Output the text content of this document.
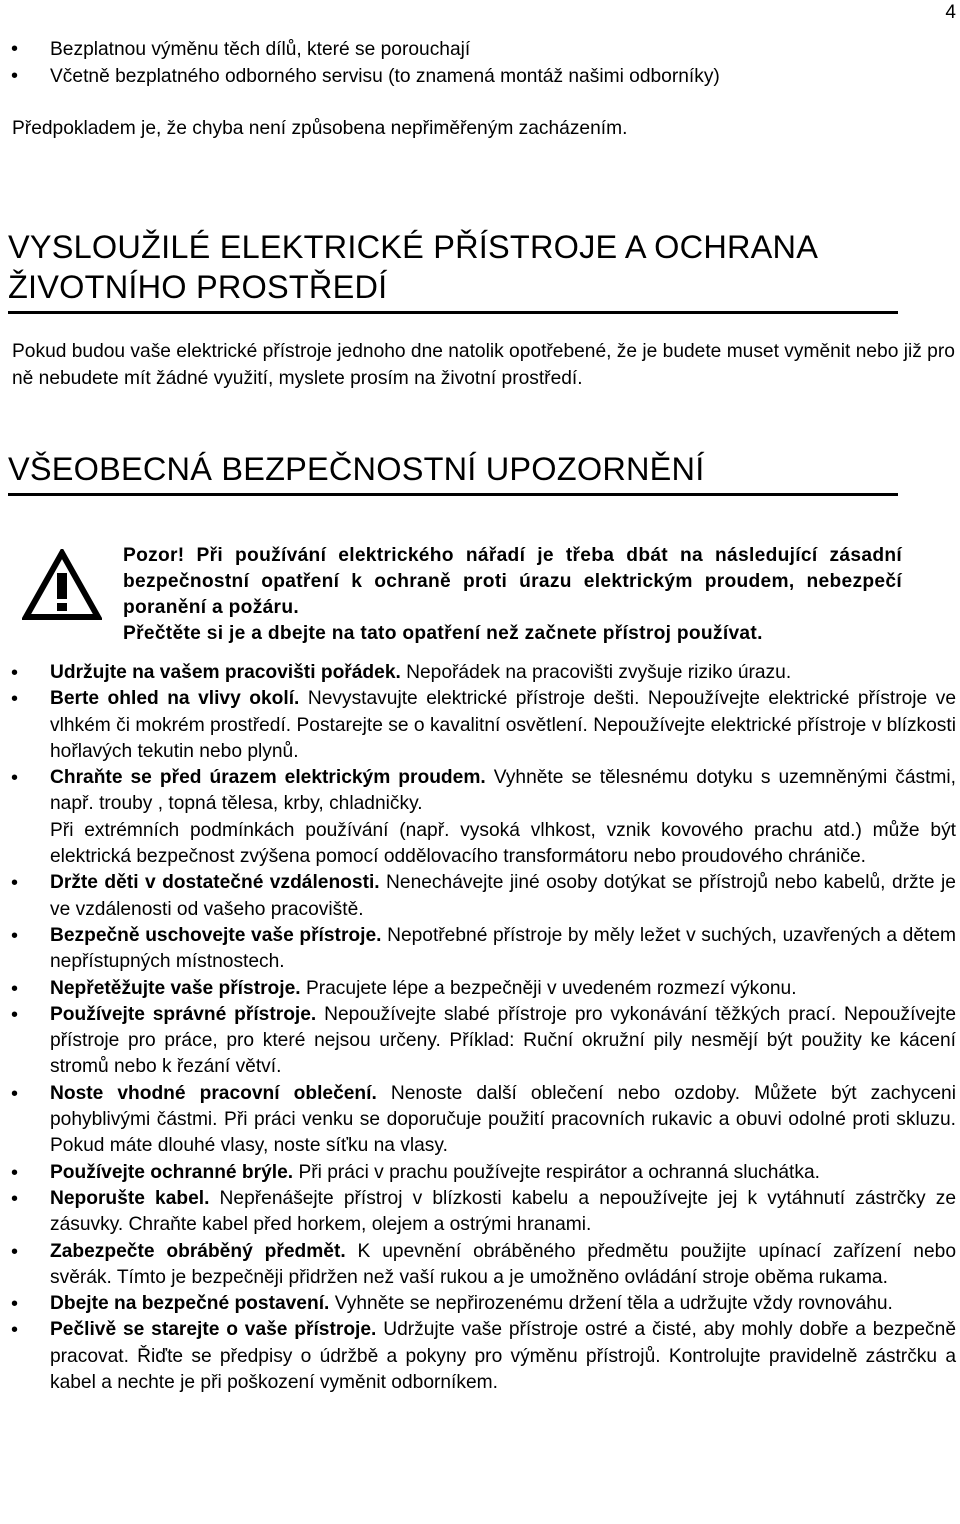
4
• Bezplatnou výměnu těch dílů, které se porouchají
• Včetně bezplatného odborného servisu (to znamená montáž našimi odborníky)
Předpokladem je, že chyba není způsobena nepřiměřeným zacházením.
VYSLOUŽILÉ ELEKTRICKÉ PŘÍSTROJE A OCHRANA ŽIVOTNÍHO PROSTŘEDÍ

Pokud budou vaše elektrické přístroje jednoho dne natolik opotřebené, že je budete muset vyměnit nebo již pro ně nebudete mít žádné využití, myslete prosím na životní prostředí.

VŠEOBECNÁ BEZPEČNOSTNÍ UPOZORNĚNÍ

Pozor! Při používání elektrického nářadí je třeba dbát na následující zásadní bezpečnostní opatření k ochraně proti úrazu elektrickým proudem, nebezpečí poranění a požáru.

Přečtěte si je a dbejte na tato opatření než začnete přístroj používat.

• Udržujte na vašem pracovišti pořádek. Nepořádek na pracovišti zvyšuje riziko úrazu.
• Berte ohled na vlivy okolí. Nevystavujte elektrické přístroje dešti. Nepoužívejte elektrické přístroje ve vlhkém či mokrém prostředí. Postarejte se o kavalitní osvětlení. Nepoužívejte elektrické přístroje v blízkosti hořlavých tekutin nebo plynů.
• Chraňte se před úrazem elektrickým proudem. Vyhněte se tělesnému dotyku s uzemněnými částmi, např. trouby , topná tělesa, krby, chladničky.
Při extrémních podmínkách používání (např. vysoká vlhkost, vznik kovového prachu atd.) může být elektrická bezpečnost zvýšena pomocí oddělovacího transformátoru nebo proudového chrániče.
• Držte děti v dostatečné vzdálenosti. Nenechávejte jiné osoby dotýkat se přístrojů nebo kabelů, držte je ve vzdálenosti od vašeho pracoviště.
• Bezpečně uschovejte vaše přístroje. Nepotřebné přístroje by měly ležet v suchých, uzavřených a dětem nepřístupných místnostech.
• Nepřetěžujte vaše přístroje. Pracujete lépe a bezpečněji v uvedeném rozmezí výkonu.
• Používejte správné přístroje. Nepoužívejte slabé přístroje pro vykonávání těžkých prací. Nepoužívejte přístroje pro práce, pro které nejsou určeny. Příklad: Ruční okružní pily nesmějí být použity ke kácení stromů nebo k řezání větví.
• Noste vhodné pracovní oblečení. Nenoste další oblečení nebo ozdoby. Můžete být zachyceni pohyblivými částmi. Při práci venku se doporučuje použití pracovních rukavic a obuvi odolné proti skluzu. Pokud máte dlouhé vlasy, noste síťku na vlasy.
• Používejte ochranné brýle. Při práci v prachu používejte respirátor a ochranná sluchátka.
• Neporušte kabel. Nepřenášejte přístroj v blízkosti kabelu a nepoužívejte jej k vytáhnutí zástrčky ze zásuvky. Chraňte kabel před horkem, olejem a ostrými hranami.
• Zabezpečte obráběný předmět. K upevnění obráběného předmětu použijte upínací zařízení nebo svěrák. Tímto je bezpečněji přidržen než vaší rukou a je umožněno ovládání stroje oběma rukama.
• Dbejte na bezpečné postavení. Vyhněte se nepřirozenému držení těla a udržujte vždy rovnováhu.
• Pečlivě se starejte o vaše přístroje. Udržujte vaše přístroje ostré a čisté, aby mohly dobře a bezpečně pracovat. Řiďte se předpisy o údržbě a pokyny pro výměnu přístrojů. Kontrolujte pravidelně zástrčku a kabel a nechte je při poškození vyměnit odborníkem.
